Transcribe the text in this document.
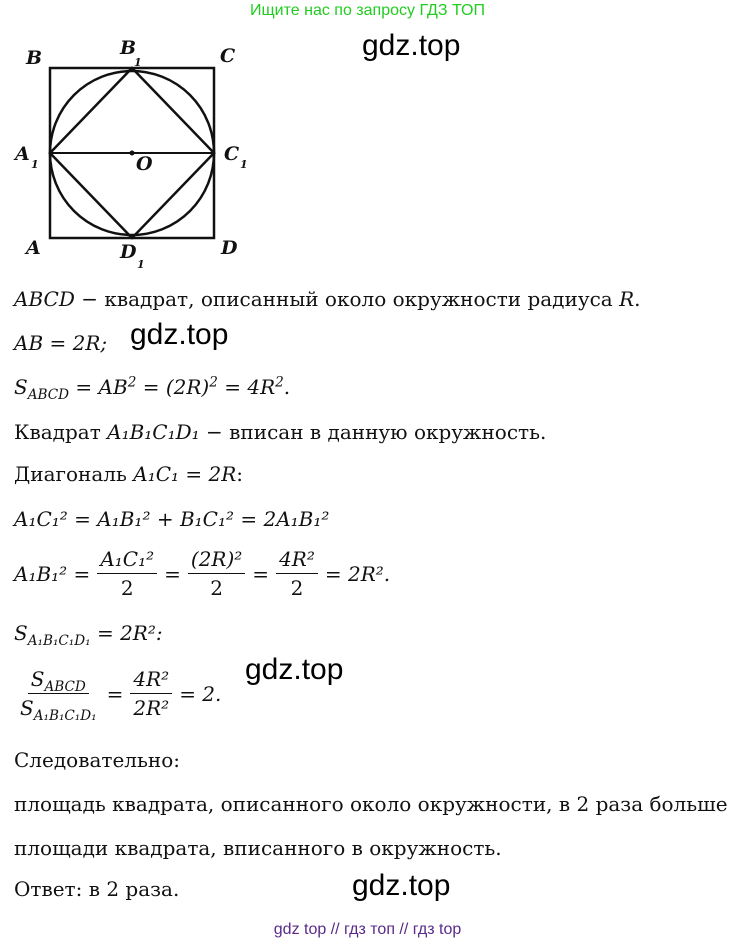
Ищите нас по запросу ГДЗ ТОП
B	B
1	C
A 1	O	C 1
A	D
1
D
gdz.top
gdz.top
gdz.top
gdz.top
ABCD − квадрат, описанный около окружности радиуса R.
AB = 2R;
$S_{ABCD} = AB^2 = (2R)^2 = 4R^2$.
Квадрат A₁B₁C₁D₁ − вписан в данную окружность.
Диагональ A₁C₁ = 2R:
A₁C₁² = A₁B₁² + B₁C₁² = 2A₁B₁²
$A_1B_1^2 = \frac{\text{A₁C₁²}}{2} = \frac{\text{(2R)²}}{2} = \frac{\text{4R²}}{2} = 2R^2$.
$S_{A_1B_1C_1D_1} = 2R^2$:
$\frac{S_{ABCD}}{S_{A_1B_1C_1D_1}} = \frac{\text{4R²}}{\text{2R²}} = 2$.
Следовательно:
площадь квадрата, описанного около окружности, в 2 раза больше
площади квадрата, вписанного в окружность.
Ответ: в 2 раза.
gdz top // гдз топ // гдз top
